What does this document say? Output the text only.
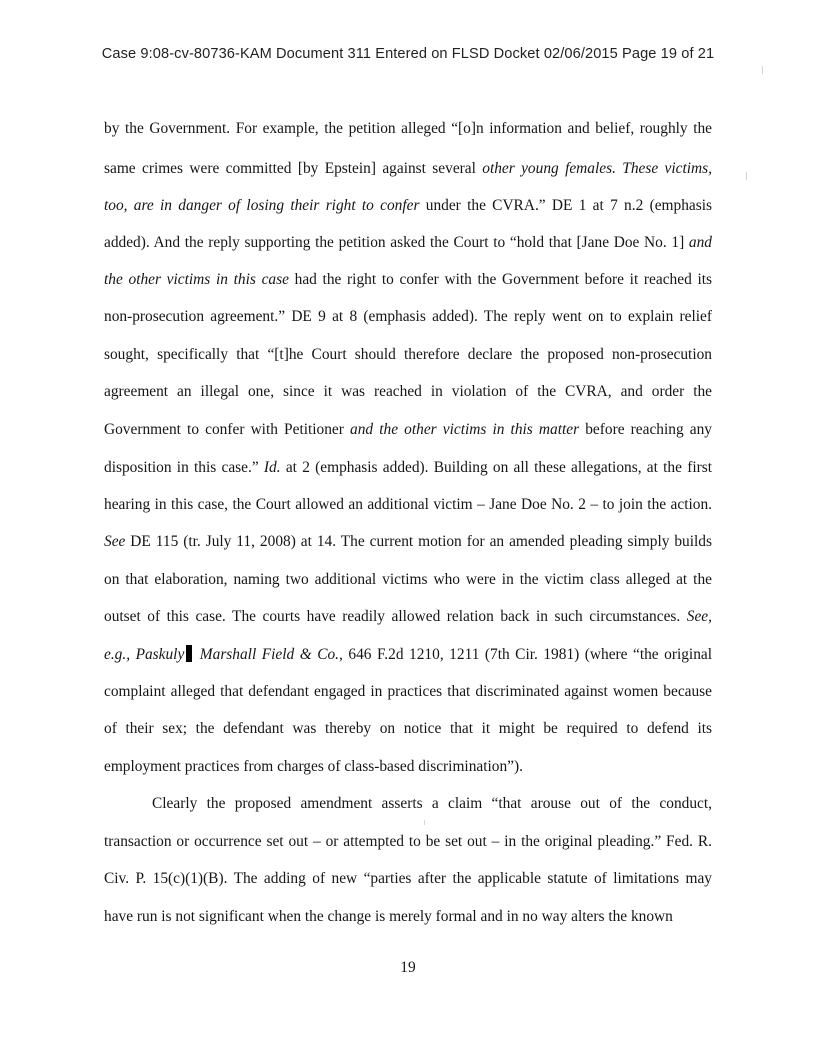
Case 9:08-cv-80736-KAM Document 311 Entered on FLSD Docket 02/06/2015 Page 19 of 21
by the Government. For example, the petition alleged “[o]n information and belief, roughly the
same crimes were committed [by Epstein] against several other young females. These victims,
too, are in danger of losing their right to confer under the CVRA.” DE 1 at 7 n.2 (emphasis
added). And the reply supporting the petition asked the Court to “hold that [Jane Doe No. 1] and
the other victims in this case had the right to confer with the Government before it reached its
non-prosecution agreement.” DE 9 at 8 (emphasis added). The reply went on to explain relief
sought, specifically that “[t]he Court should therefore declare the proposed non-prosecution
agreement an illegal one, since it was reached in violation of the CVRA, and order the
Government to confer with Petitioner and the other victims in this matter before reaching any
disposition in this case.” Id. at 2 (emphasis added). Building on all these allegations, at the first
hearing in this case, the Court allowed an additional victim – Jane Doe No. 2 – to join the action.
See DE 115 (tr. July 11, 2008) at 14. The current motion for an amended pleading simply builds
on that elaboration, naming two additional victims who were in the victim class alleged at the
outset of this case. The courts have readily allowed relation back in such circumstances. See,
e.g., Paskuly Marshall Field & Co., 646 F.2d 1210, 1211 (7th Cir. 1981) (where “the original
complaint alleged that defendant engaged in practices that discriminated against women because
of their sex; the defendant was thereby on notice that it might be required to defend its
employment practices from charges of class-based discrimination”).
Clearly the proposed amendment asserts a claim “that arouse out of the conduct,
transaction or occurrence set out – or attempted to be set out – in the original pleading.” Fed. R.
Civ. P. 15(c)(1)(B). The adding of new “parties after the applicable statute of limitations may
have run is not significant when the change is merely formal and in no way alters the known
19
